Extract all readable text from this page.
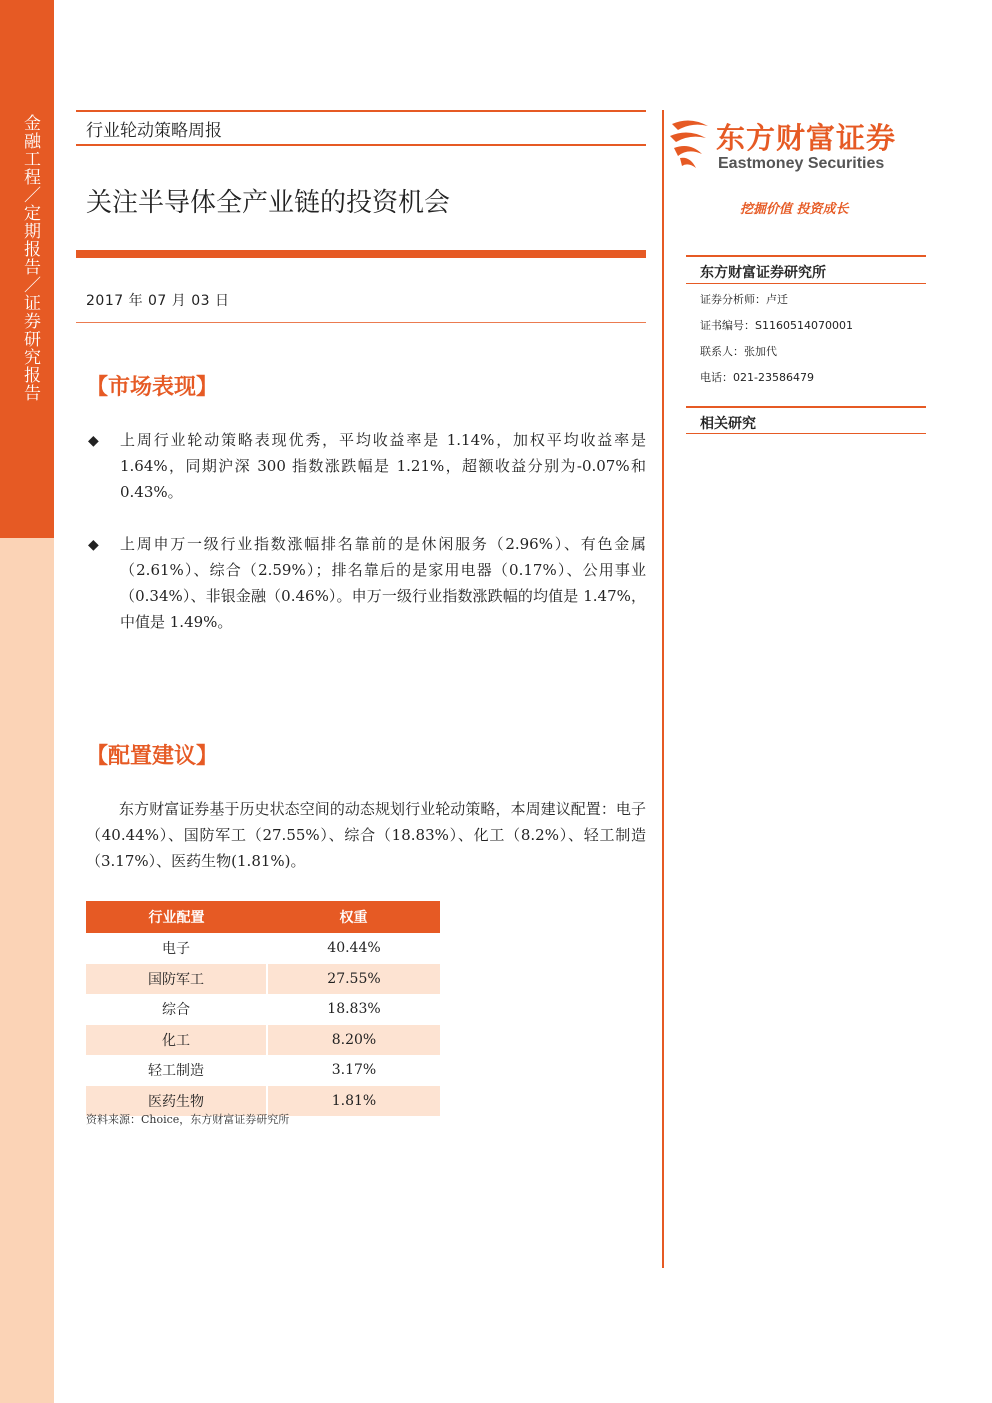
金融工程／定期报告／证券研究报告	行业轮动策略周报
关注半导体全产业链的投资机会
2017 年 07 月 03 日
【市场表现】
◆ 上周行业轮动策略表现优秀，平均收益率是 1.14%，加权平均收益率是 1.64%，同期沪深 300 指数涨跌幅是 1.21%，超额收益分别为-0.07%和 0.43%。
◆ 上周申万一级行业指数涨幅排名靠前的是休闲服务（2.96%）、有色金属（2.61%）、综合（2.59%）；排名靠后的是家用电器（0.17%）、公用事业（0.34%）、非银金融（0.46%）。申万一级行业指数涨跌幅的均值是 1.47%， 中值是 1.49%。
【配置建议】
东方财富证券基于历史状态空间的动态规划行业轮动策略，本周建议配置：电子（40.44%）、国防军工（27.55%）、综合（18.83%）、化工（8.2%）、轻工制造（3.17%）、医药生物(1.81%)。
行业配置	权重
电子	40.44%
国防军工	27.55%
综合	18.83%
化工	8.20%
轻工制造	3.17%
医药生物	1.81%
资料来源：Choice，东方财富证券研究所
东方财富证券
Eastmoney Securities
挖掘价值 投资成长
东方财富证券研究所
证券分析师：卢迁
证书编号：S1160514070001
联系人：张加代
电话：021-23586479
相关研究
